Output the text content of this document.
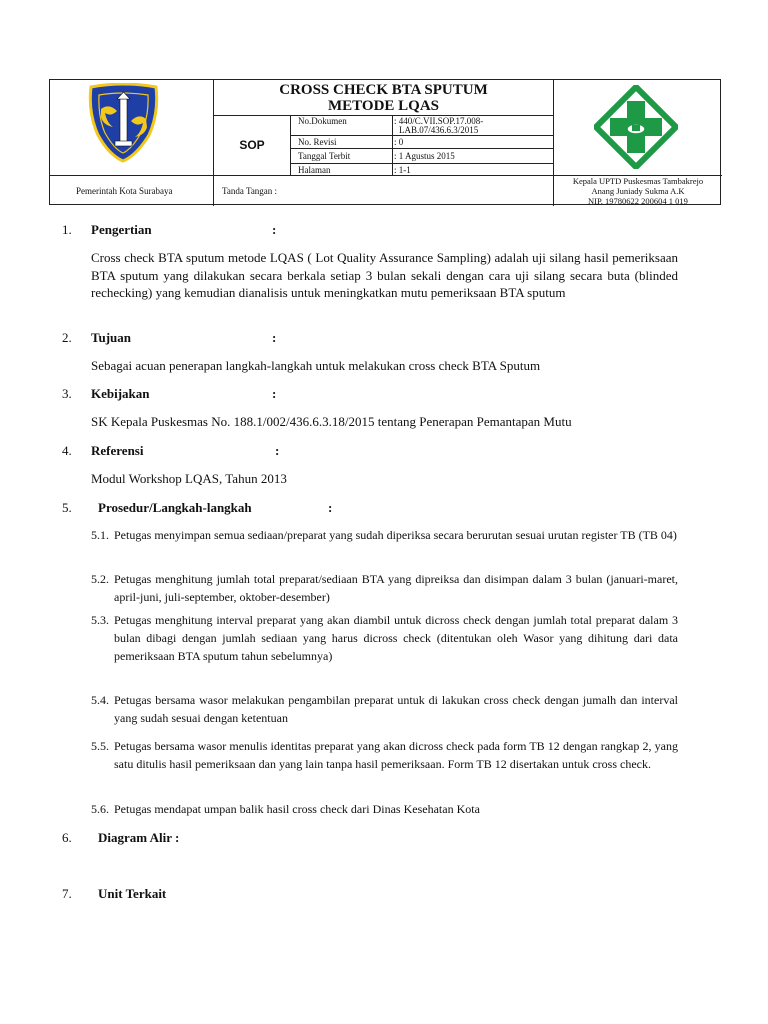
CROSS CHECK BTA SPUTUM
METODE LQAS
SOP
No.Dokumen	: 440/C.VII.SOP.17.008-
LAB.07/436.6.3/2015
No. Revisi	: 0
Tanggal Terbit	: 1 Agustus 2015
Halaman	: 1-1
Pemerintah Kota Surabaya	Tanda Tangan :
Kepala UPTD Puskesmas Tambakrejo
Anang Juniady Sukma A.K
NIP. 19780622 200604 1 019
1. Pengertian	:
Cross check BTA sputum metode LQAS ( Lot Quality Assurance Sampling) adalah uji silang hasil pemeriksaan BTA sputum yang dilakukan secara berkala setiap 3 bulan sekali dengan cara uji silang secara buta (blinded rechecking) yang kemudian dianalisis untuk meningkatkan mutu pemeriksaan BTA sputum
2. Tujuan	:
Sebagai acuan penerapan langkah-langkah untuk melakukan cross check BTA Sputum
3. Kebijakan	:
SK Kepala Puskesmas No. 188.1/002/436.6.3.18/2015 tentang Penerapan Pemantapan Mutu
4. Referensi	:
Modul Workshop LQAS, Tahun 2013
5. Prosedur/Langkah-langkah	:
5.1. Petugas menyimpan semua sediaan/preparat yang sudah diperiksa secara berurutan sesuai urutan register TB (TB 04)
5.2. Petugas menghitung jumlah total preparat/sediaan BTA yang dipreiksa dan disimpan dalam 3 bulan (januari-maret, april-juni, juli-september, oktober-desember)
5.3. Petugas menghitung interval preparat yang akan diambil untuk dicross check dengan jumlah total preparat dalam 3 bulan dibagi dengan jumlah sediaan yang harus dicross check (ditentukan oleh Wasor yang dihitung dari data pemeriksaan BTA sputum tahun sebelumnya)
5.4. Petugas bersama wasor melakukan pengambilan preparat untuk di lakukan cross check dengan jumalh dan interval yang sudah sesuai dengan ketentuan
5.5. Petugas bersama wasor menulis identitas preparat yang akan dicross check pada form TB 12 dengan rangkap 2, yang satu ditulis hasil pemeriksaan dan yang lain tanpa hasil pemeriksaan. Form TB 12 disertakan untuk cross check.
5.6. Petugas mendapat umpan balik hasil cross check dari Dinas Kesehatan Kota
6. Diagram Alir :
7. Unit Terkait
